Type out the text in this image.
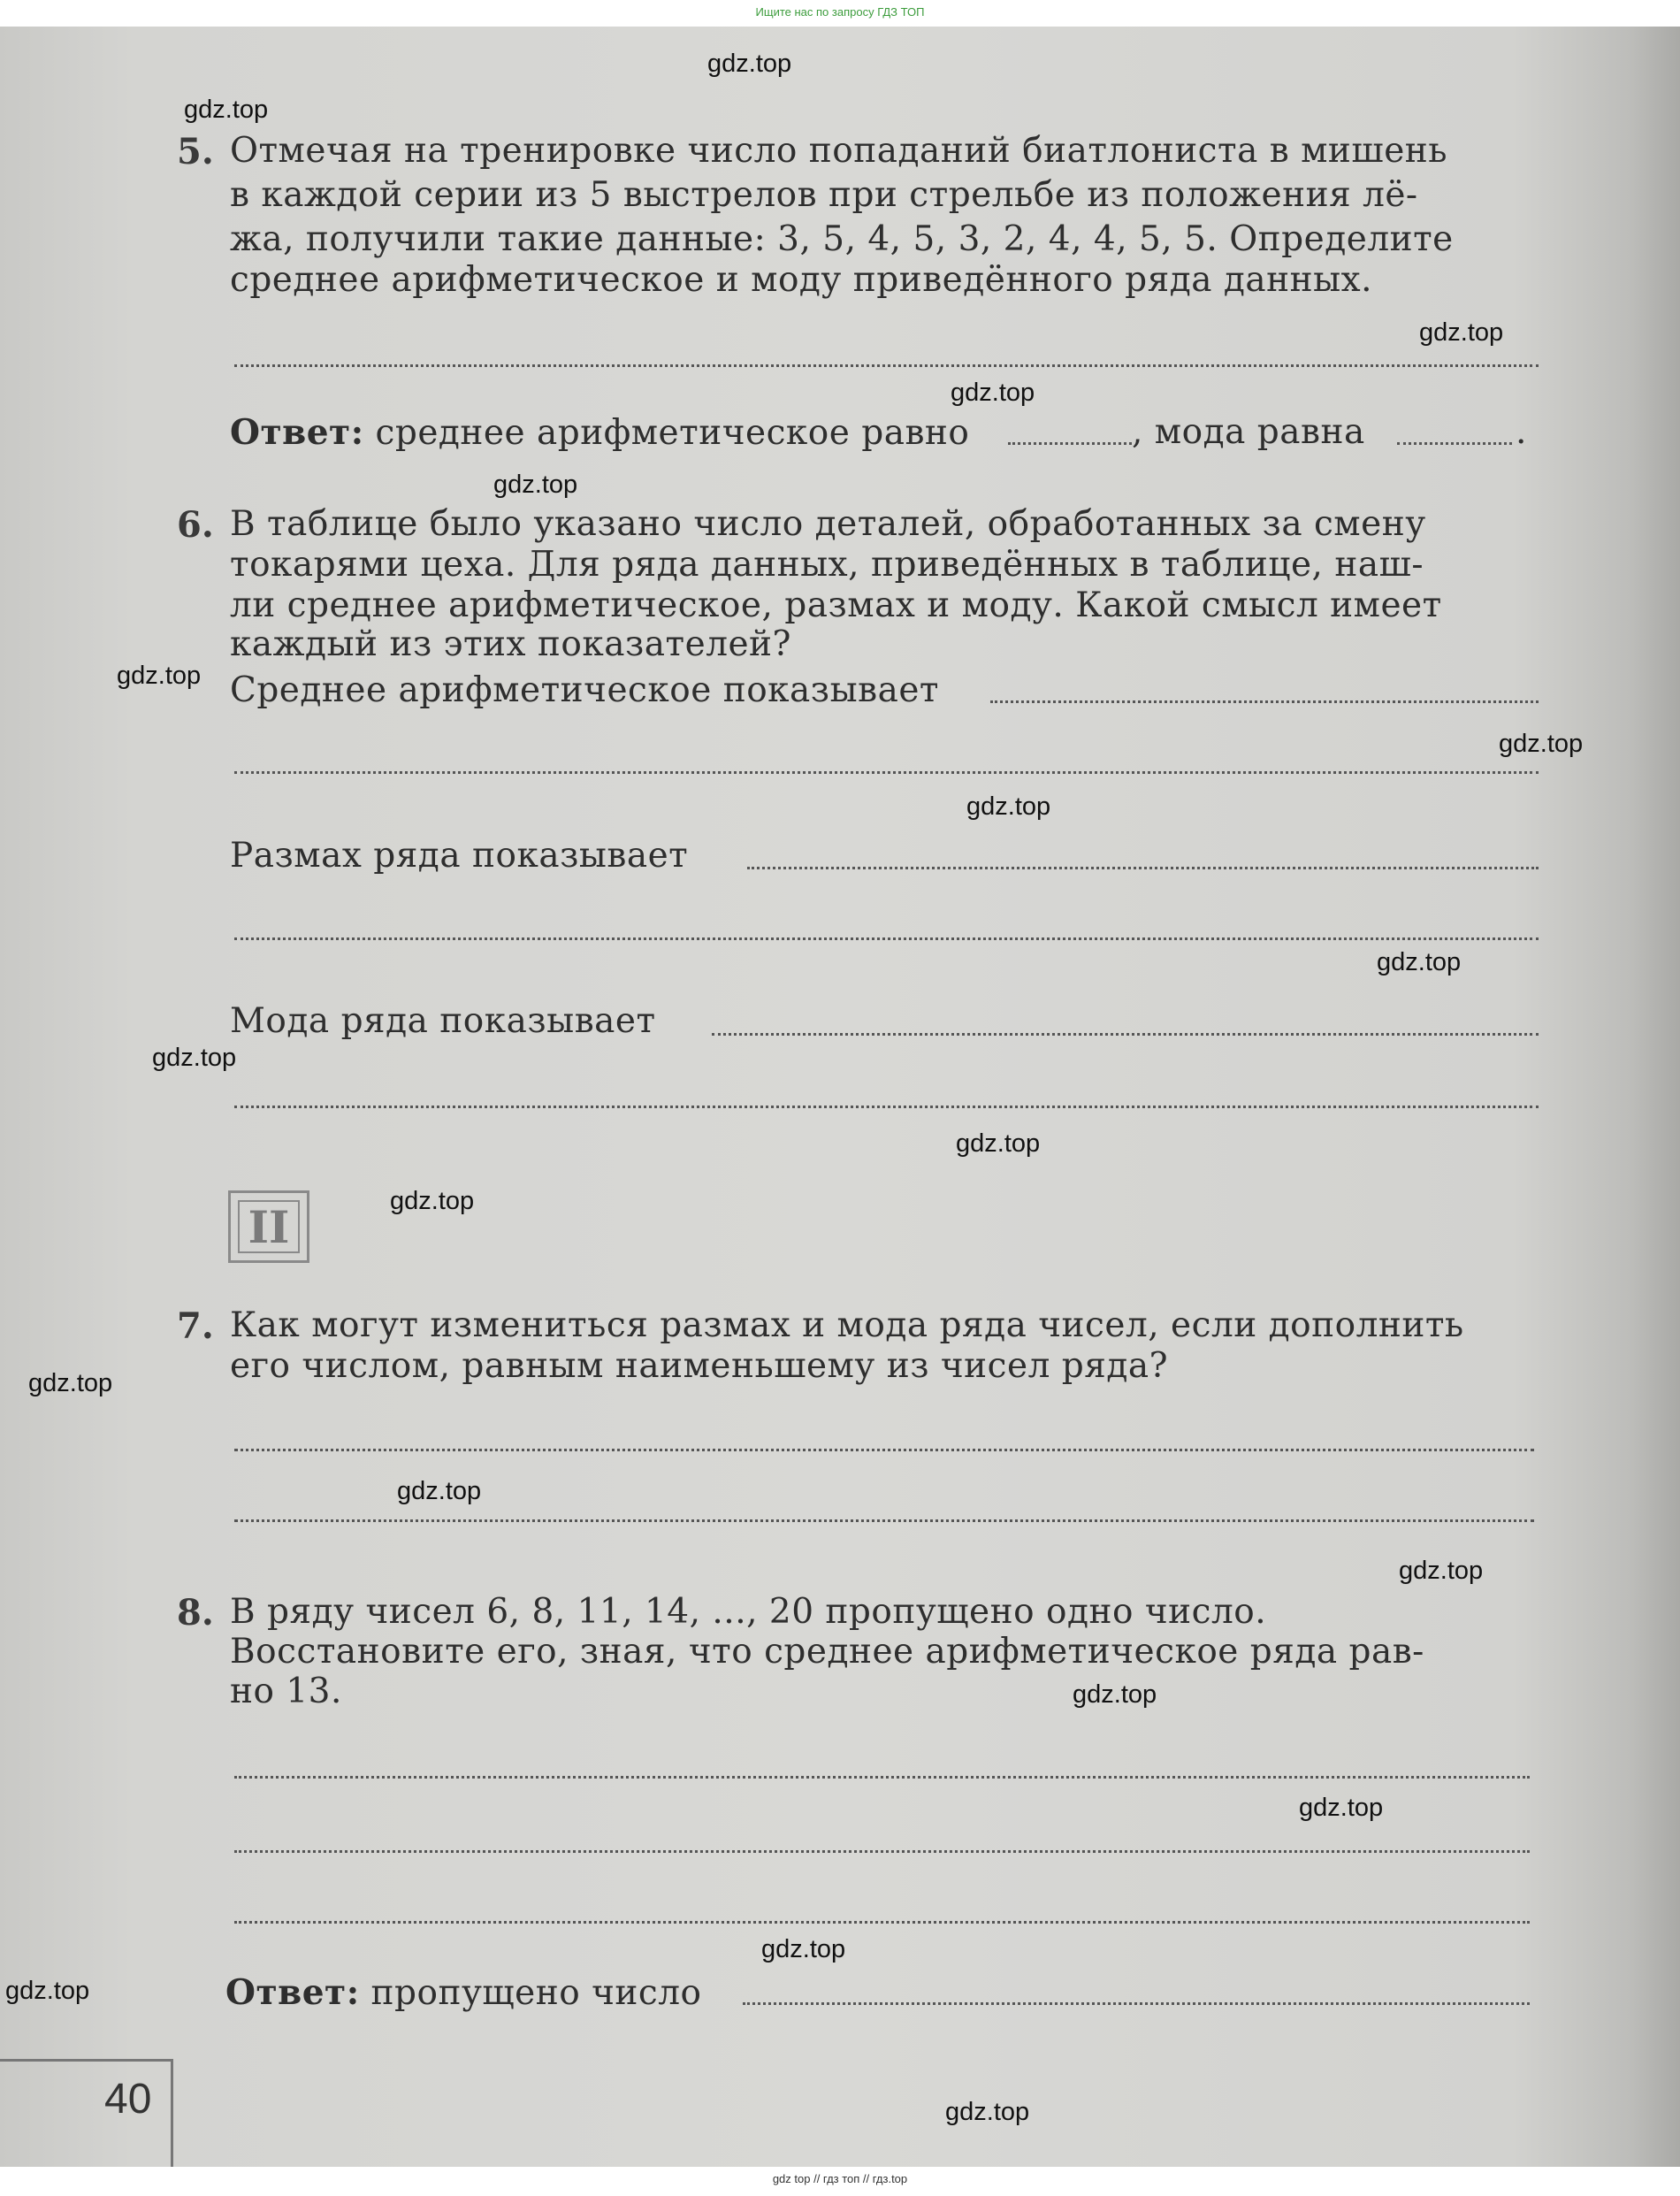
Ищите нас по запросу ГДЗ ТОП
5. Отмечая на тренировке число попаданий биатлониста в мишень
в каждой серии из 5 выстрелов при стрельбе из положения лё-
жа, получили такие данные: 3, 5, 4, 5, 3, 2, 4, 4, 5, 5. Определите
среднее арифметическое и моду приведённого ряда данных.
Ответ: среднее арифметическое равно	, мода равна	.
6. В таблице было указано число деталей, обработанных за смену
токарями цеха. Для ряда данных, приведённых в таблице, наш-
ли среднее арифметическое, размах и моду. Какой смысл имеет
каждый из этих показателей?
Среднее арифметическое показывает
Размах ряда показывает
Мода ряда показывает
II
7. Как могут измениться размах и мода ряда чисел, если дополнить
его числом, равным наименьшему из чисел ряда?
8. В ряду чисел 6, 8, 11, 14, ..., 20 пропущено одно число.
Восстановите его, зная, что среднее арифметическое ряда рав-
но 13.
Ответ: пропущено число
40
gdz.top
gdz.top
gdz.top
gdz.top
gdz.top
gdz.top
gdz.top
gdz.top
gdz.top
gdz.top
gdz.top
gdz.top
gdz.top
gdz.top
gdz.top
gdz.top
gdz.top
gdz.top
gdz.top
gdz.top
gdz top // гдз топ // гдз.top
